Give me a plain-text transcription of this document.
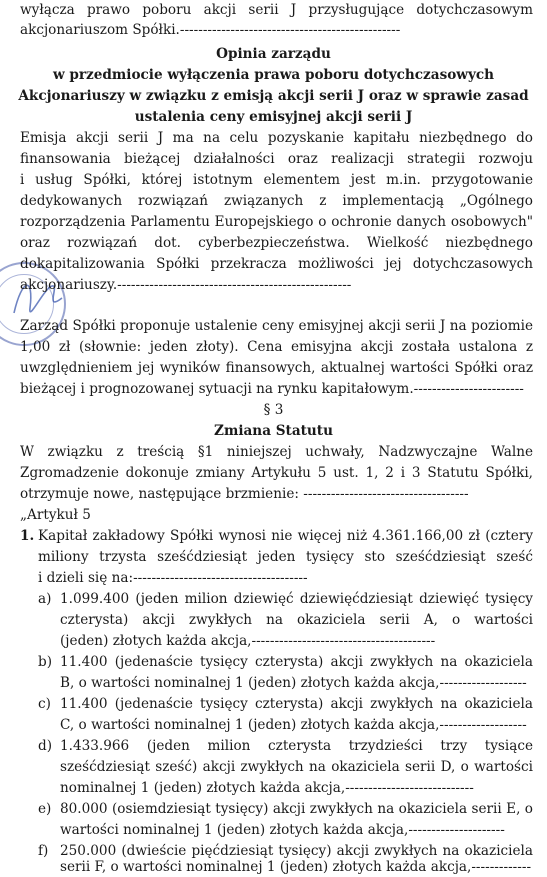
wyłącza prawo poboru akcji serii J przysługujące dotychczasowym
akcjonariuszom Spółki.------------------------------------------------
Opinia zarządu
w przedmiocie wyłączenia prawa poboru dotychczasowych
Akcjonariuszy w związku z emisją akcji serii J oraz w sprawie zasad
ustalenia ceny emisyjnej akcji serii J
Emisja akcji serii J ma na celu pozyskanie kapitału niezbędnego do
finansowania bieżącej działalności oraz realizacji strategii rozwoju
i usług Spółki, której istotnym elementem jest m.in. przygotowanie
dedykowanych rozwiązań związanych z implementacją „Ogólnego
rozporządzenia Parlamentu Europejskiego o ochronie danych osobowych"
oraz rozwiązań dot. cyberbezpieczeństwa. Wielkość niezbędnego
dokapitalizowania Spółki przekracza możliwości jej dotychczasowych
akcjonariuszy.---------------------------------------------------
Zarząd Spółki proponuje ustalenie ceny emisyjnej akcji serii J na poziomie
1,00 zł (słownie: jeden złoty). Cena emisyjna akcji została ustalona z
uwzględnieniem jej wyników finansowych, aktualnej wartości Spółki oraz
bieżącej i prognozowanej sytuacji na rynku kapitałowym.------------------------
§ 3
Zmiana Statutu
W związku z treścią §1 niniejszej uchwały, Nadzwyczajne Walne
Zgromadzenie dokonuje zmiany Artykułu 5 ust. 1, 2 i 3 Statutu Spółki,
otrzymuje nowe, następujące brzmienie: ------------------------------------
„Artykuł 5
1. Kapitał zakładowy Spółki wynosi nie więcej niż 4.361.166,00 zł (cztery
miliony trzysta sześćdziesiąt jeden tysięcy sto sześćdziesiąt sześć
i dzieli się na:--------------------------------------
a) 1.099.400 (jeden milion dziewięć dziewięćdziesiąt dziewięć tysięcy
czterysta) akcji zwykłych na okaziciela serii A, o wartości
(jeden) złotych każda akcja,----------------------------------------
b) 11.400 (jedenaście tysięcy czterysta) akcji zwykłych na okaziciela
B, o wartości nominalnej 1 (jeden) złotych każda akcja,-------------------
c) 11.400 (jedenaście tysięcy czterysta) akcji zwykłych na okaziciela
C, o wartości nominalnej 1 (jeden) złotych każda akcja,-------------------
d) 1.433.966 (jeden milion czterysta trzydzieści trzy tysiące
sześćdziesiąt sześć) akcji zwykłych na okaziciela serii D, o wartości
nominalnej 1 (jeden) złotych każda akcja,----------------------------
e) 80.000 (osiemdziesiąt tysięcy) akcji zwykłych na okaziciela serii E, o
wartości nominalnej 1 (jeden) złotych każda akcja,---------------------
f) 250.000 (dwieście pięćdziesiąt tysięcy) akcji zwykłych na okaziciela
serii F, o wartości nominalnej 1 (jeden) złotych każda akcja,-------------
